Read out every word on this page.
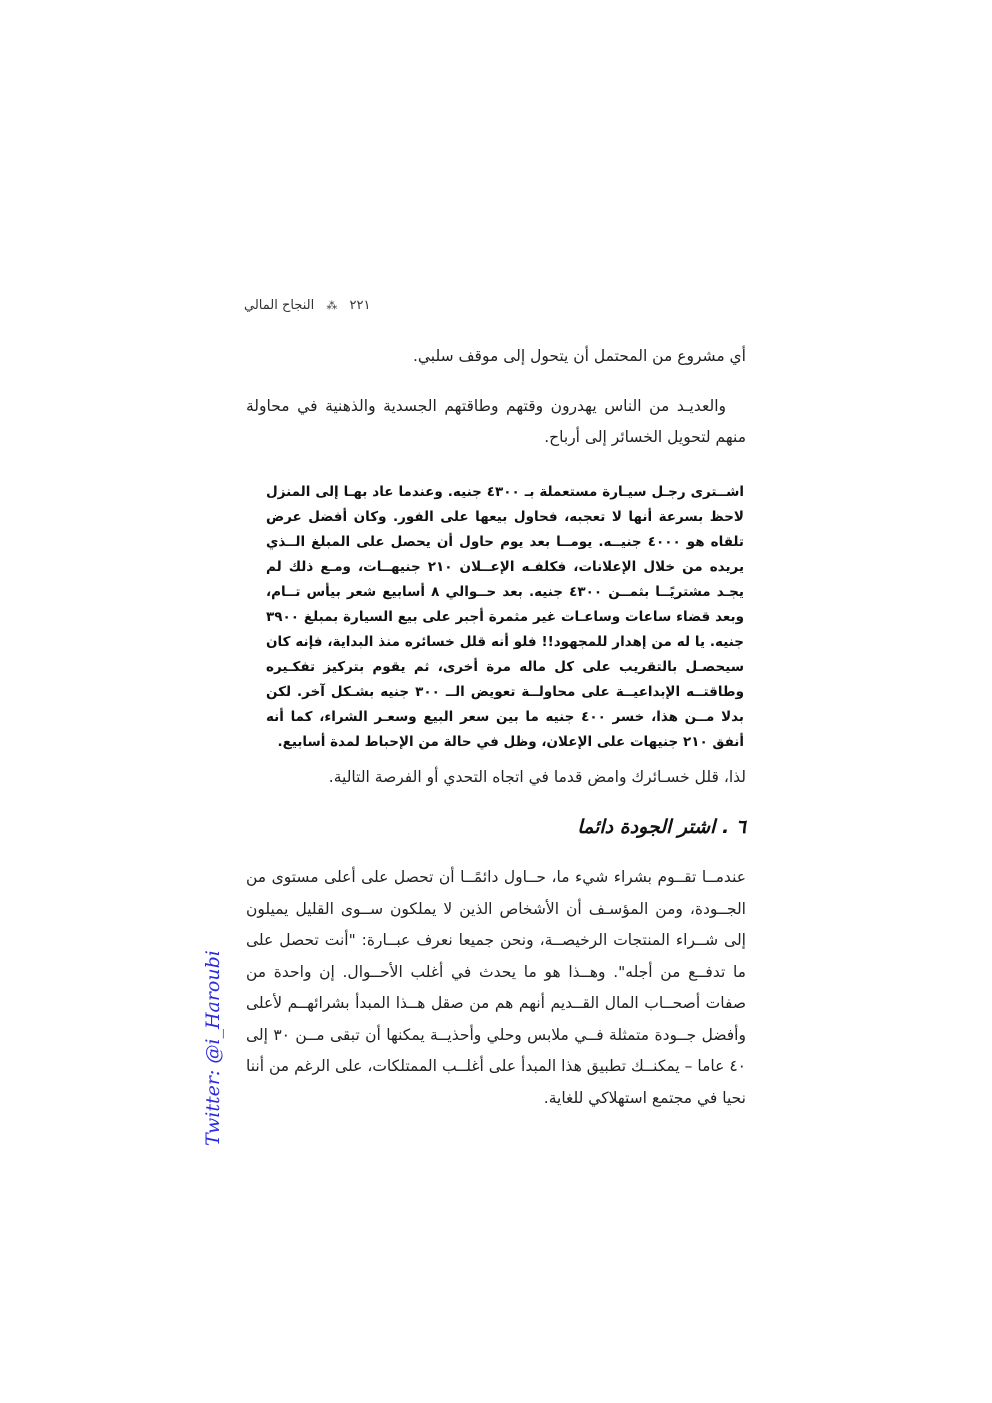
٢٢١ ⁂ النجاح المالي
أي مشروع من المحتمل أن يتحول إلى موقف سلبي.
والعديـد من الناس يهدرون وقتهم وطاقتهم الجسدية والذهنية في محاولة منهم لتحويل الخسائر إلى أرباح.
اشــترى رجـل سيـارة مستعملة بـ ٤٣٠٠ جنيه. وعندما عاد بهـا إلى المنزل لاحظ بسرعة أنها لا تعجبه، فحاول بيعها على الفور. وكان أفضل عرض تلقاه هو ٤٠٠٠ جنيــه. يومــا بعد يوم حاول أن يحصل على المبلغ الــذي يريده من خلال الإعلانات، فكلفـه الإعــلان ٢١٠ جنيهــات، ومـع ذلك لم يجـد مشتريًــا بثمــن ٤٣٠٠ جنيه. بعد حــوالي ٨ أسابيع شعر بيأس تــام، وبعد قضاء ساعات وساعـات غير مثمرة أجبر على بيع السيارة بمبلغ ٣٩٠٠ جنيه. يا له من إهدار للمجهود!! فلو أنه قلل خسائره منذ البداية، فإنه كان سيحصـل بالتقريب على كل ماله مرة أخرى، ثم يقوم بتركيز تفكـيره وطاقتــه الإبداعيــة على محاولــة تعويض الــ ٣٠٠ جنيه بشـكل آخر. لكن بدلا مــن هذا، خسر ٤٠٠ جنيه ما بين سعر البيع وسعـر الشراء، كما أنه أنفق ٢١٠ جنيهات على الإعلان، وظل في حالة من الإحباط لمدة أسابيع.
لذا، قلل خسـائرك وامض قدما في اتجاه التحدي أو الفرصة التالية.
٦ . اشتر الجودة دائما
عندمــا تقــوم بشراء شيء ما، حــاول دائمًــا أن تحصل على أعلى مستوى من الجــودة، ومن المؤسـف أن الأشخاص الذين لا يملكون ســوى القليل يميلون إلى شــراء المنتجات الرخيصــة، ونحن جميعا نعرف عبــارة: "أنت تحصل على ما تدفــع من أجله". وهــذا هو ما يحدث في أغلب الأحــوال. إن واحدة من صفات أصحــاب المال القــديم أنهم هم من صقل هــذا المبدأ بشرائهــم لأعلى وأفضل جــودة متمثلة فــي ملابس وحلي وأحذيــة يمكنها أن تبقى مــن ٣٠ إلى ٤٠ عاما – يمكنــك تطبيق هذا المبدأ على أغلــب الممتلكات، على الرغم من أننا نحيا في مجتمع استهلاكي للغاية.
Twitter: @i_Haroubi
